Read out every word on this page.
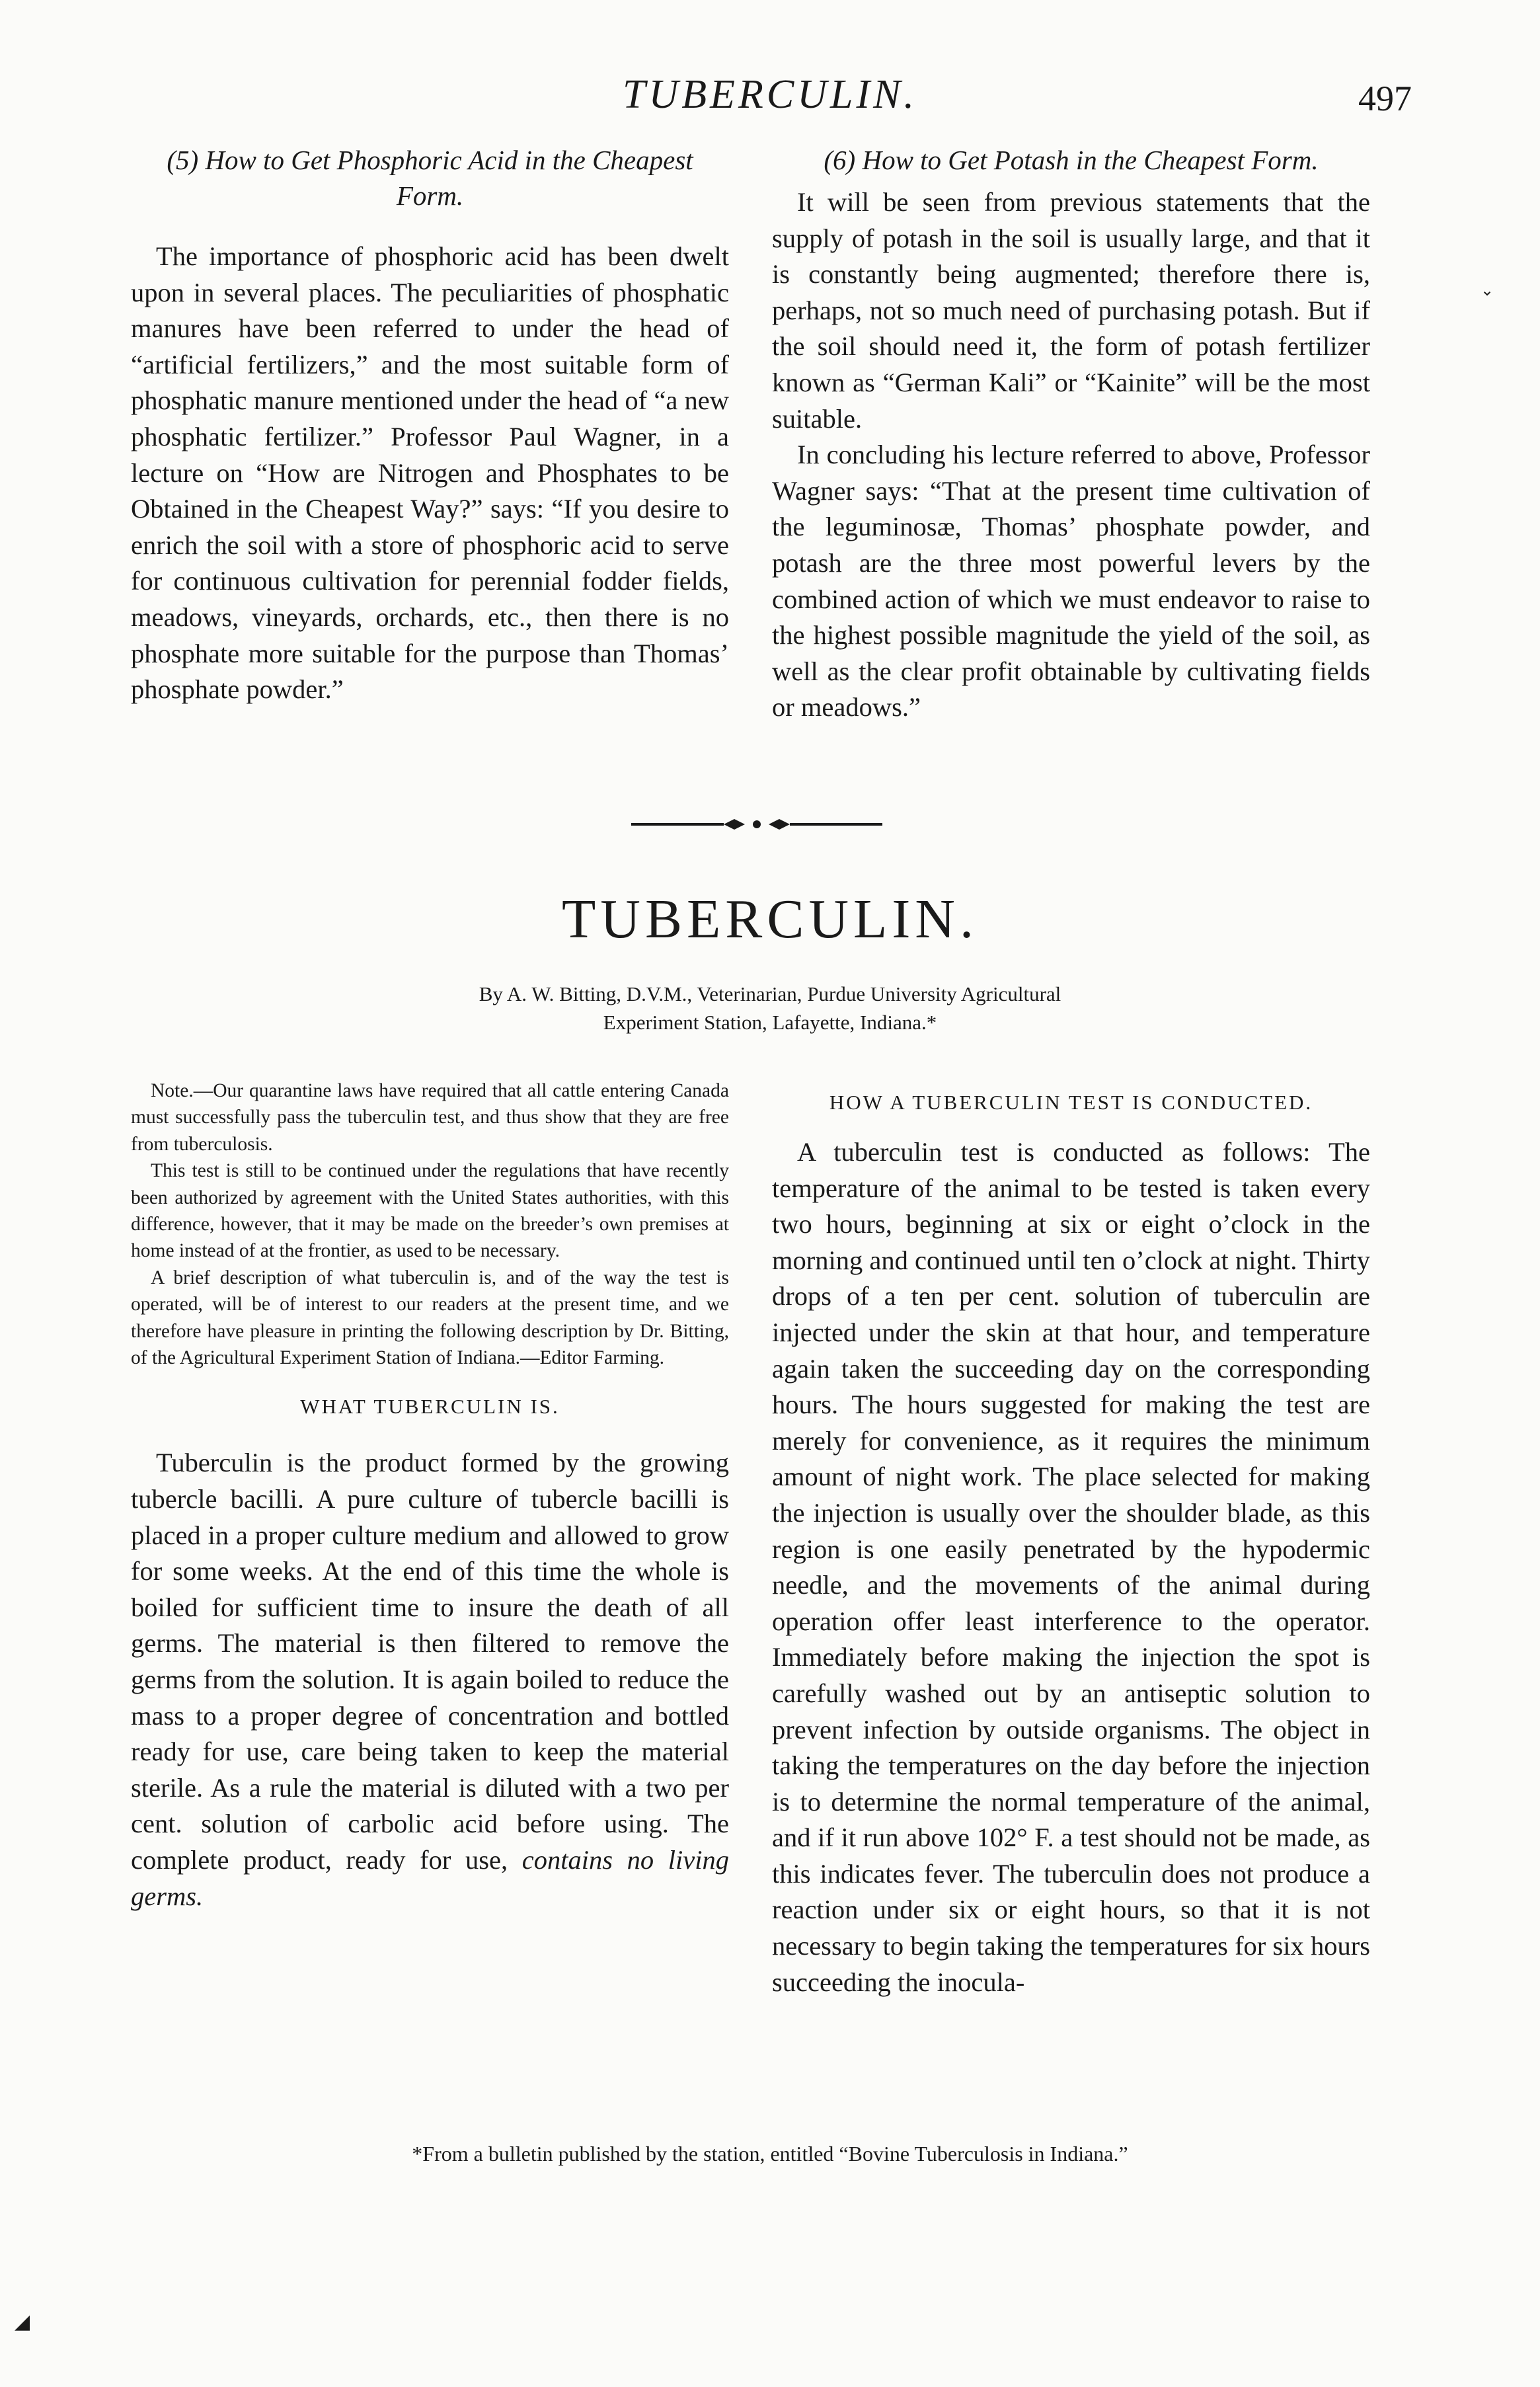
TUBERCULIN.	497
⌄
(5) How to Get Phosphoric Acid in the Cheapest Form.

The importance of phosphoric acid has been dwelt upon in several places. The peculiarities of phosphatic manures have been referred to under the head of “artificial fertilizers,” and the most suitable form of phosphatic manure mentioned under the head of “a new phosphatic fertilizer.” Professor Paul Wagner, in a lecture on “How are Nitrogen and Phosphates to be Obtained in the Cheapest Way?” says: “If you desire to enrich the soil with a store of phosphoric acid to serve for continuous cultivation for perennial fodder fields, meadows, vineyards, orchards, etc., then there is no phosphate more suitable for the purpose than Thomas’ phosphate powder.”

(6) How to Get Potash in the Cheapest Form.

It will be seen from previous statements that the supply of potash in the soil is usually large, and that it is constantly being augmented; therefore there is, perhaps, not so much need of purchasing potash. But if the soil should need it, the form of potash fertilizer known as “German Kali” or “Kainite” will be the most suitable.

In concluding his lecture referred to above, Professor Wagner says: “That at the present time cultivation of the leguminosæ, Thomas’ phosphate powder, and potash are the three most powerful levers by the combined action of which we must endeavor to raise to the highest possible magnitude the yield of the soil, as well as the clear profit obtainable by cultivating fields or meadows.”

TUBERCULIN.
By A. W. Bitting, D.V.M., Veterinarian, Purdue University Agricultural
Experiment Station, Lafayette, Indiana.*

Note.—Our quarantine laws have required that all cattle entering Canada must successfully pass the tuberculin test, and thus show that they are free from tuberculosis.

This test is still to be continued under the regulations that have recently been authorized by agreement with the United States authorities, with this difference, however, that it may be made on the breeder’s own premises at home instead of at the frontier, as used to be necessary.

A brief description of what tuberculin is, and of the way the test is operated, will be of interest to our readers at the present time, and we therefore have pleasure in printing the following description by Dr. Bitting, of the Agricultural Experiment Station of Indiana.—Editor Farming.

WHAT TUBERCULIN IS.

Tuberculin is the product formed by the growing tubercle bacilli. A pure culture of tubercle bacilli is placed in a proper culture medium and allowed to grow for some weeks. At the end of this time the whole is boiled for sufficient time to insure the death of all germs. The material is then filtered to remove the germs from the solution. It is again boiled to reduce the mass to a proper degree of concentration and bottled ready for use, care being taken to keep the material sterile. As a rule the material is diluted with a two per cent. solution of carbolic acid before using. The complete product, ready for use, contains no living germs.

HOW A TUBERCULIN TEST IS CONDUCTED.

A tuberculin test is conducted as follows: The temperature of the animal to be tested is taken every two hours, beginning at six or eight o’clock in the morning and continued until ten o’clock at night. Thirty drops of a ten per cent. solution of tuberculin are injected under the skin at that hour, and temperature again taken the succeeding day on the corresponding hours. The hours suggested for making the test are merely for convenience, as it requires the minimum amount of night work. The place selected for making the injection is usually over the shoulder blade, as this region is one easily penetrated by the hypodermic needle, and the movements of the animal during operation offer least interference to the operator. Immediately before making the injection the spot is carefully washed out by an antiseptic solution to prevent infection by outside organisms. The object in taking the temperatures on the day before the injection is to determine the normal temperature of the animal, and if it run above 102° F. a test should not be made, as this indicates fever. The tuberculin does not produce a reaction under six or eight hours, so that it is not necessary to begin taking the temperatures for six hours succeeding the inocula-

*From a bulletin published by the station, entitled “Bovine Tuberculosis in Indiana.”
◢
